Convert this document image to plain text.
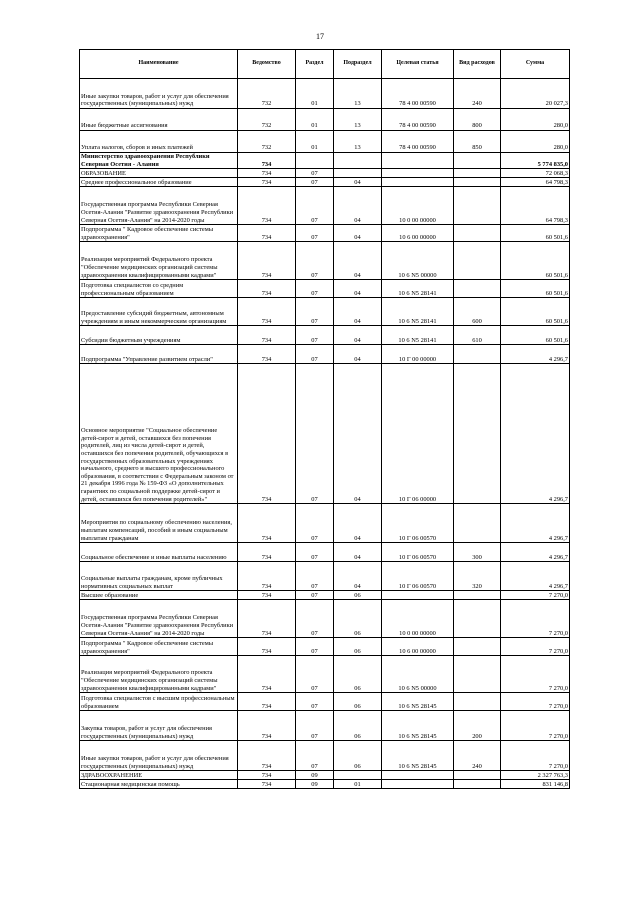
17
Наименование	Ведомство	Раздел	Подраздел	Целевая статья	Вид расходов	Сумма
Иные закупки товаров, работ и услуг для обеспечения государственных (муниципальных) нужд	732	01	13	78 4 00 00590	240	20 027,3
Иные бюджетные ассигнования	732	01	13	78 4 00 00590	800	280,0
Уплата налогов, сборов и иных платежей	732	01	13	78 4 00 00590	850	280,0
Министерство здравоохранения Республики Северная Осетия - Алания	734					5 774 835,0
ОБРАЗОВАНИЕ	734	07				72 068,3
Среднее профессиональное образование	734	07	04			64 798,3
Государственная программа Республики Северная Осетия-Алания "Развитие здравоохранения Республики Северная Осетия-Алания" на 2014-2020 годы	734	07	04	10 0 00 00000		64 798,3
Подпрограмма " Кадровое обеспечение системы здравоохранения"	734	07	04	10 6 00 00000		60 501,6
Реализация мероприятий Федерального проекта "Обеспечение медицинских организаций системы здравоохранения квалифицированными кадрами"	734	07	04	10 6 N5 00000		60 501,6
Подготовка специалистов со средним профессиональным образованием	734	07	04	10 6 N5 28141		60 501,6
Предоставление субсидий бюджетным, автономным учреждениям и иным некоммерческим организациям	734	07	04	10 6 N5 28141	600	60 501,6
Субсидии бюджетным учреждениям	734	07	04	10 6 N5 28141	610	60 501,6
Подпрограмма "Управление развитием отрасли"	734	07	04	10 Г 00 00000		4 296,7
Основное мероприятие "Социальное обеспечение детей-сирот и детей, оставшихся без попечения родителей, лиц из числа детей-сирот и детей, оставшихся без попечения родителей, обучающихся в государственных образовательных учреждениях начального, среднего и высшего профессионального образования, в соответствии с Федеральным законом от 21 декабря 1996 года № 159-ФЗ «О дополнительных гарантиях по социальной поддержке детей-сирот и детей, оставшихся без попечения родителей»"	734	07	04	10 Г 06 00000		4 296,7
Мероприятия по социальному обеспечению населения, выплатам компенсаций, пособий и иным социальным выплатам гражданам	734	07	04	10 Г 06 00570		4 296,7
Социальное обеспечение и иные выплаты населению	734	07	04	10 Г 06 00570	300	4 296,7
Социальные выплаты гражданам, кроме публичных нормативных социальных выплат	734	07	04	10 Г 06 00570	320	4 296,7
Высшее образование	734	07	06			7 270,0
Государственная программа Республики Северная Осетия-Алания "Развитие здравоохранения Республики Северная Осетия-Алания" на 2014-2020 годы	734	07	06	10 0 00 00000		7 270,0
Подпрограмма " Кадровое обеспечение системы здравоохранения"	734	07	06	10 6 00 00000		7 270,0
Реализация мероприятий Федерального проекта "Обеспечение медицинских организаций системы здравоохранения квалифицированными кадрами"	734	07	06	10 6 N5 00000		7 270,0
Подготовка специалистов с высшим профессиональным образованием	734	07	06	10 6 N5 28145		7 270,0
Закупка товаров, работ и услуг для обеспечения государственных (муниципальных) нужд	734	07	06	10 6 N5 28145	200	7 270,0
Иные закупки товаров, работ и услуг для обеспечения государственных (муниципальных) нужд	734	07	06	10 6 N5 28145	240	7 270,0
ЗДРАВООХРАНЕНИЕ	734	09				2 327 763,3
Стационарная медицинская помощь	734	09	01			831 146,8
